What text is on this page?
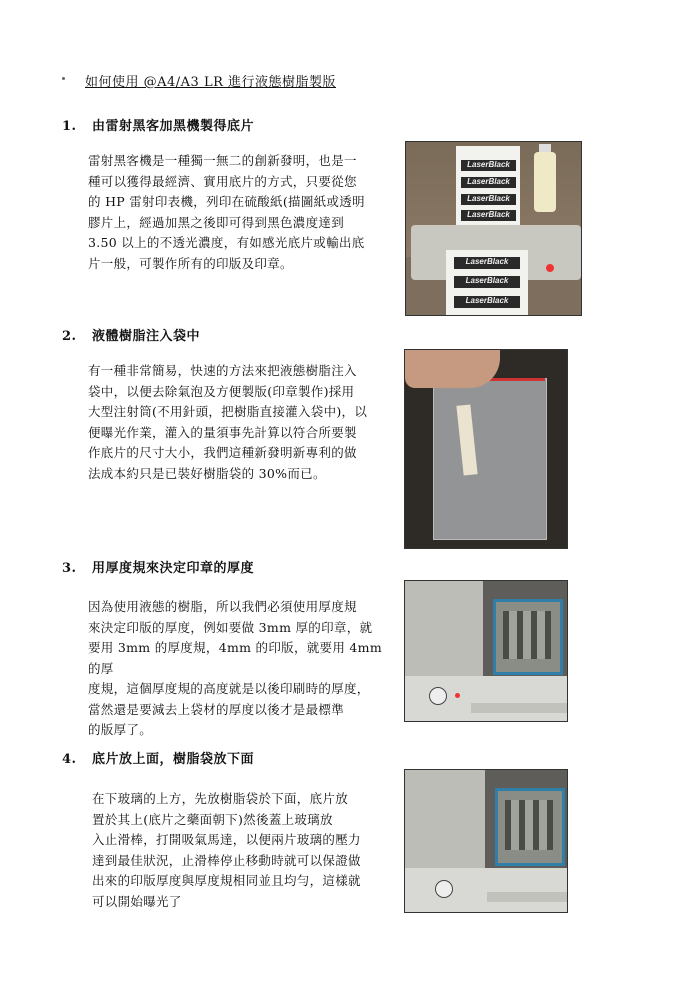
如何使用 @A4/A3 LR 進行液態樹脂製版
1. 由雷射黑客加黑機製得底片
雷射黑客機是一種獨一無二的創新發明，也是一
種可以獲得最經濟、實用底片的方式，只要從您
的 HP 雷射印表機，列印在硫酸紙(描圖紙或透明
膠片上，經過加黑之後即可得到黑色濃度達到
3.50 以上的不透光濃度，有如感光底片或輸出底
片一般，可製作所有的印版及印章。
LaserBlack
LaserBlack
LaserBlack
LaserBlack
LaserBlack
LaserBlack
LaserBlack
2. 液體樹脂注入袋中
有一種非常簡易，快速的方法來把液態樹脂注入
袋中，以便去除氣泡及方便製版(印章製作)採用
大型注射筒(不用針頭，把樹脂直接灌入袋中)，以
便曝光作業，灌入的量須事先計算以符合所要製
作底片的尺寸大小，我們這種新發明新專利的做
法成本約只是已裝好樹脂袋的 30%而已。
3. 用厚度規來決定印章的厚度
因為使用液態的樹脂，所以我們必須使用厚度規
來決定印版的厚度，例如要做 3mm 厚的印章，就
要用 3mm 的厚度規，4mm 的印版，就要用 4mm 的厚
度規，這個厚度規的高度就是以後印刷時的厚度，
當然還是要減去上袋材的厚度以後才是最標準
的版厚了。
4. 底片放上面，樹脂袋放下面
在下玻璃的上方，先放樹脂袋於下面，底片放
置於其上(底片之藥面朝下)然後蓋上玻璃放
入止滑棒，打開吸氣馬達，以便兩片玻璃的壓力
達到最佳狀況，止滑棒停止移動時就可以保證做
出來的印版厚度與厚度規相同並且均勻，這樣就
可以開始曝光了
